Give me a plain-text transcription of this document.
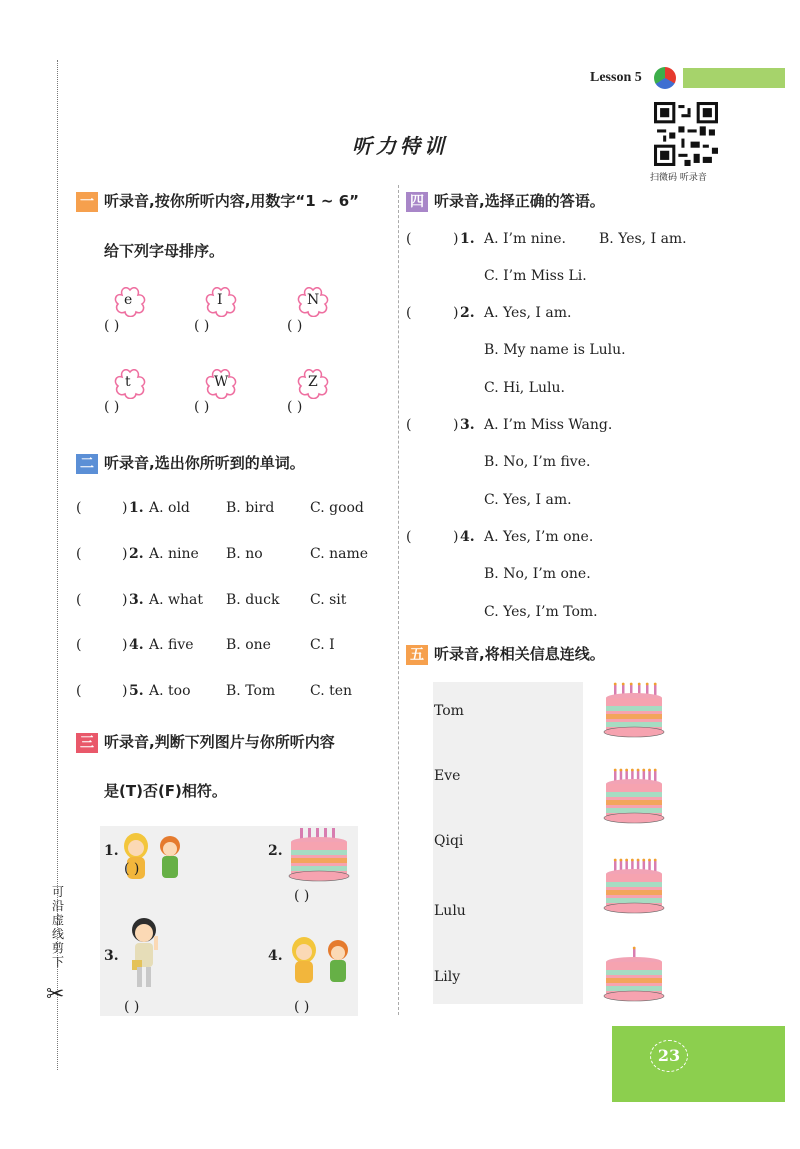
可沿虚线剪下
✂
Lesson 5
扫微码 听录音
听力特训
一 听录音,按你所听内容,用数字“1 ~ 6”
给下列字母排序。
e	I	N
( )	( )	( )
t	W	Z
( )	( )	( )
二 听录音,选出你所听到的单词。
(	) 1. A. old	B. bird	C. good
(	) 2. A. nine B. no	C. name
(	) 3. A. what B. duck C. sit
(	) 4. A. five B. one	C. I
(	) 5. A. too	B. Tom C. ten
三 听录音,判断下列图片与你所听内容
是(T)否(F)相符。
1.
( )
2.
( )
3.
( )
4.
( )
四 听录音,选择正确的答语。
(	) 1. A. I’m nine. B. Yes, I am.
C. I’m Miss Li.
(	) 2. A. Yes, I am.
B. My name is Lulu.
C. Hi, Lulu.
(	) 3. A. I’m Miss Wang.
B. No, I’m five.
C. Yes, I am.
(	) 4. A. Yes, I’m one.
B. No, I’m one.
C. Yes, I’m Tom.
五 听录音,将相关信息连线。
Tom
Eve
Qiqi
Lulu
Lily
23
